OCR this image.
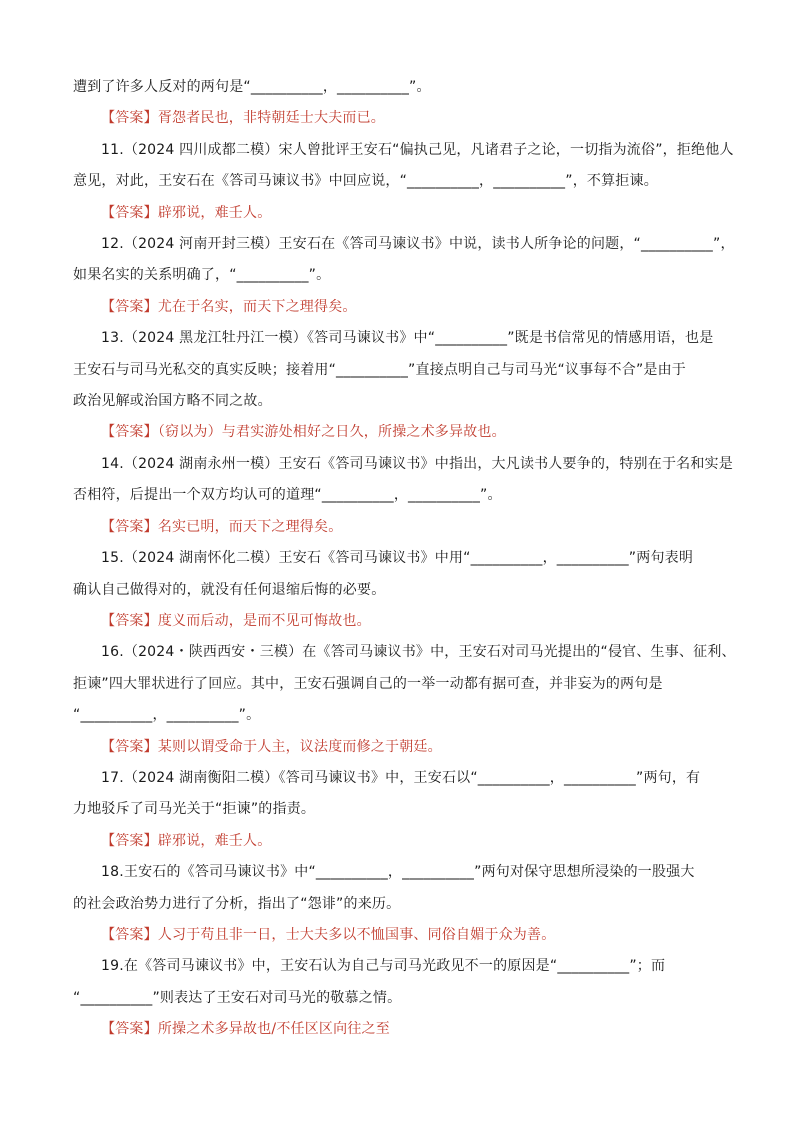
遭到了许多人反对的两句是“__________，__________”。
【答案】胥怨者民也，非特朝廷士大夫而已。
11.（2024 四川成都二模）宋人曾批评王安石“偏执己见，凡诸君子之论，一切指为流俗”，拒绝他人
意见，对此，王安石在《答司马谏议书》中回应说，“__________，__________”，不算拒谏。
【答案】辟邪说，难壬人。
12.（2024 河南开封三模）王安石在《答司马谏议书》中说，读书人所争论的问题，“__________”，
如果名实的关系明确了，“__________”。
【答案】尤在于名实，而天下之理得矣。
13.（2024 黑龙江牡丹江一模）《答司马谏议书》中“__________”既是书信常见的情感用语，也是
王安石与司马光私交的真实反映；接着用“__________”直接点明自己与司马光“议事每不合”是由于
政治见解或治国方略不同之故。
【答案】（窃以为）与君实游处相好之日久，所操之术多异故也。
14.（2024 湖南永州一模）王安石《答司马谏议书》中指出，大凡读书人要争的，特别在于名和实是
否相符，后提出一个双方均认可的道理“__________，__________”。
【答案】名实已明，而天下之理得矣。
15.（2024 湖南怀化二模）王安石《答司马谏议书》中用“__________，__________”两句表明
确认自己做得对的，就没有任何退缩后悔的必要。
【答案】度义而后动，是而不见可悔故也。
16.（2024・陕西西安・三模）在《答司马谏议书》中，王安石对司马光提出的“侵官、生事、征利、
拒谏”四大罪状进行了回应。其中，王安石强调自己的一举一动都有据可查，并非妄为的两句是
“__________，__________”。
【答案】某则以谓受命于人主，议法度而修之于朝廷。
17.（2024 湖南衡阳二模）《答司马谏议书》中，王安石以“__________，__________”两句，有
力地驳斥了司马光关于“拒谏”的指责。
【答案】辟邪说，难壬人。
18.王安石的《答司马谏议书》中“__________，__________”两句对保守思想所浸染的一股强大
的社会政治势力进行了分析，指出了“怨诽”的来历。
【答案】人习于苟且非一日，士大夫多以不恤国事、同俗自媚于众为善。
19.在《答司马谏议书》中，王安石认为自己与司马光政见不一的原因是“__________”；而
“__________”则表达了王安石对司马光的敬慕之情。
【答案】所操之术多异故也/不任区区向往之至
